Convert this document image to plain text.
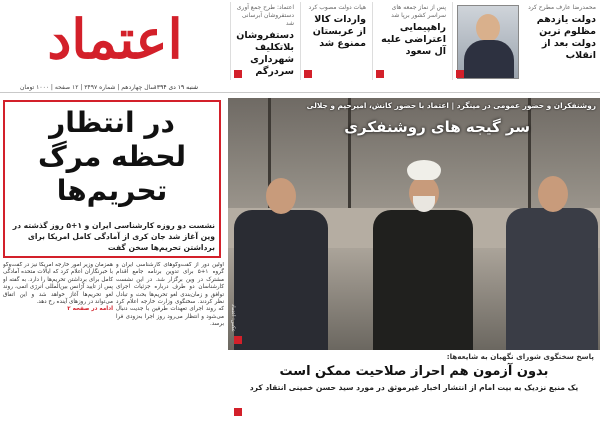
اعتماد
شنبه ۱۹ دی ۱۳۹۴
سال چهاردهم | شماره ۳۴۹۷ | ۱۲ صفحه | ۱۰۰۰ تومان
اعتماد: طرح جمع آوری دستفروشان آبرسانی شد
دستفروشان بلاتکلیف شهرداری سردرگم
هیات دولت مصوب کرد
واردات کالا از عربستان ممنوع شد
پس از نماز جمعه های سراسر کشور برپا شد
راهپیمایی اعتراضی علیه آل سعود
محمدرضا عارف مطرح کرد
دولت یازدهم مظلوم ترین دولت بعد از انقلاب
در انتظار لحظه مرگ تحریم‌ها
نشست دو روزه کارشناسی ایران و ۱+۵ روز گذشته در وین آغاز شد جان کری از آمادگی کامل امریکا برای برداشتن تحریم‌ها سخن گفت
اولین دور از گفت‌وگوهای کارشناسی ایران و گروه ۱+۵ برای تدوین برنامه جامع اقدام مشترک در وین برگزار شد. در این نشست کارشناسان دو طرف درباره جزئیات اجرای توافق و زمان‌بندی لغو تحریم‌ها بحث و تبادل نظر کردند. سخنگوی وزارت خارجه اعلام کرد که روند اجرای تعهدات طرفین با جدیت دنبال می‌شود و انتظار می‌رود روز اجرا به‌زودی فرا برسد.
همزمان وزیر امور خارجه امریکا نیز در گفت‌وگو با خبرنگاران اعلام کرد که ایالات متحده آمادگی کامل برای برداشتن تحریم‌ها را دارد. به گفته او پس از تایید آژانس بین‌المللی انرژی اتمی، روند لغو تحریم‌ها آغاز خواهد شد و این اتفاق می‌تواند در روزهای آینده رخ دهد.
ادامه در صفحه ۲
روشنفکران و حضور عمومی در مینگرد | اعتماد با حضور کانش، امیرحیم و جلالی
سر گیجه های روشنفکری
عکس: اعتماد
پاسخ سخنگوی شورای نگهبان به شایعه‌ها:
بدون آزمون هم احراز صلاحیت ممکن است
یک منبع نزدیک به بیت امام از انتشار اخبار غیرموثق در مورد سید حسن خمینی انتقاد کرد
